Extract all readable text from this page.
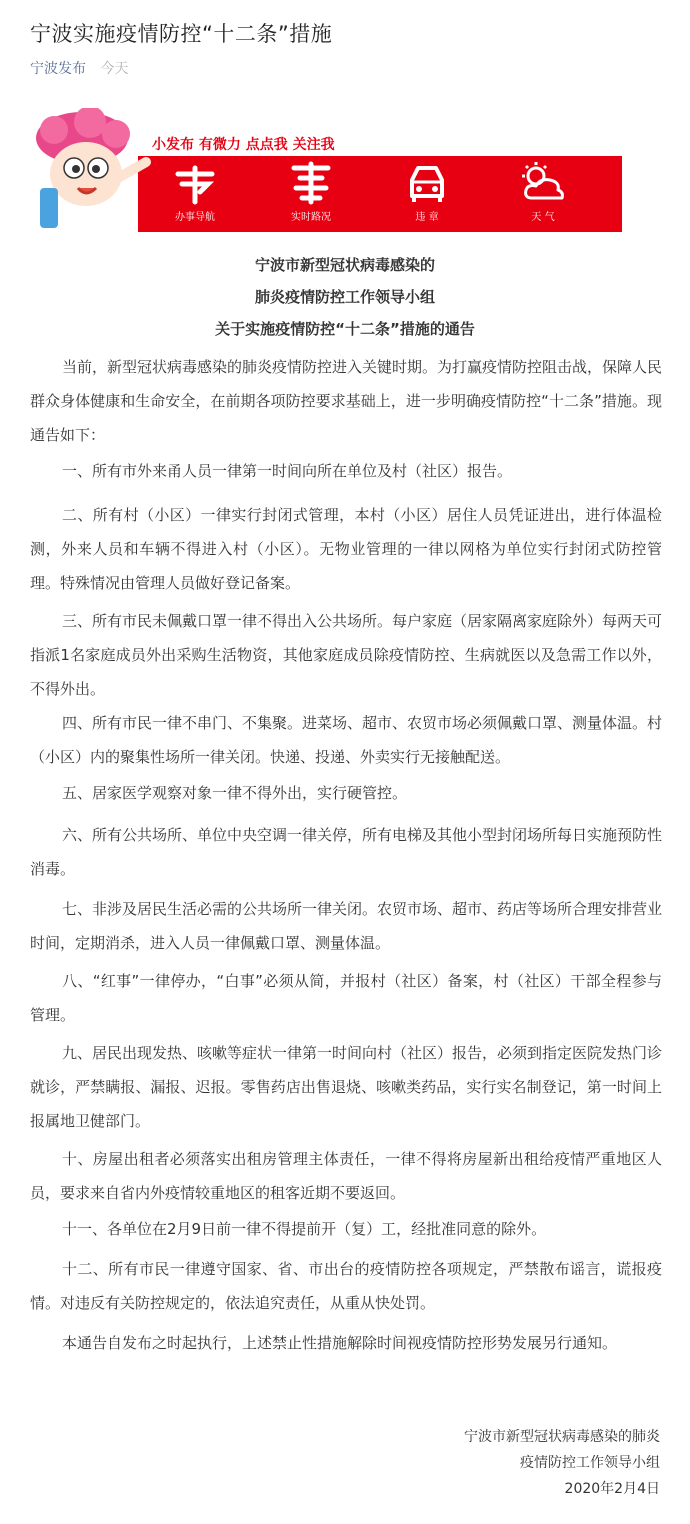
宁波实施疫情防控“十二条”措施
宁波发布 今天
小发布 有微力 点点我 关注我
办事导航	实时路况	违 章	天 气
宁波市新型冠状病毒感染的
肺炎疫情防控工作领导小组
关于实施疫情防控“十二条”措施的通告

当前，新型冠状病毒感染的肺炎疫情防控进入关键时期。为打赢疫情防控阻击战，保障人民群众身体健康和生命安全，在前期各项防控要求基础上，进一步明确疫情防控“十二条”措施。现通告如下：

一、所有市外来甬人员一律第一时间向所在单位及村（社区）报告。

二、所有村（小区）一律实行封闭式管理，本村（小区）居住人员凭证进出，进行体温检测，外来人员和车辆不得进入村（小区）。无物业管理的一律以网格为单位实行封闭式防控管理。特殊情况由管理人员做好登记备案。

三、所有市民未佩戴口罩一律不得出入公共场所。每户家庭（居家隔离家庭除外）每两天可指派1名家庭成员外出采购生活物资，其他家庭成员除疫情防控、生病就医以及急需工作以外，不得外出。

四、所有市民一律不串门、不集聚。进菜场、超市、农贸市场必须佩戴口罩、测量体温。村（小区）内的聚集性场所一律关闭。快递、投递、外卖实行无接触配送。

五、居家医学观察对象一律不得外出，实行硬管控。

六、所有公共场所、单位中央空调一律关停，所有电梯及其他小型封闭场所每日实施预防性消毒。

七、非涉及居民生活必需的公共场所一律关闭。农贸市场、超市、药店等场所合理安排营业时间，定期消杀，进入人员一律佩戴口罩、测量体温。

八、“红事”一律停办，“白事”必须从简，并报村（社区）备案，村（社区）干部全程参与管理。

九、居民出现发热、咳嗽等症状一律第一时间向村（社区）报告，必须到指定医院发热门诊就诊，严禁瞒报、漏报、迟报。零售药店出售退烧、咳嗽类药品，实行实名制登记，第一时间上报属地卫健部门。

十、房屋出租者必须落实出租房管理主体责任，一律不得将房屋新出租给疫情严重地区人员，要求来自省内外疫情较重地区的租客近期不要返回。

十一、各单位在2月9日前一律不得提前开（复）工，经批准同意的除外。

十二、所有市民一律遵守国家、省、市出台的疫情防控各项规定，严禁散布谣言，谎报疫情。对违反有关防控规定的，依法追究责任，从重从快处罚。

本通告自发布之时起执行，上述禁止性措施解除时间视疫情防控形势发展另行通知。

宁波市新型冠状病毒感染的肺炎
疫情防控工作领导小组
2020年2月4日
